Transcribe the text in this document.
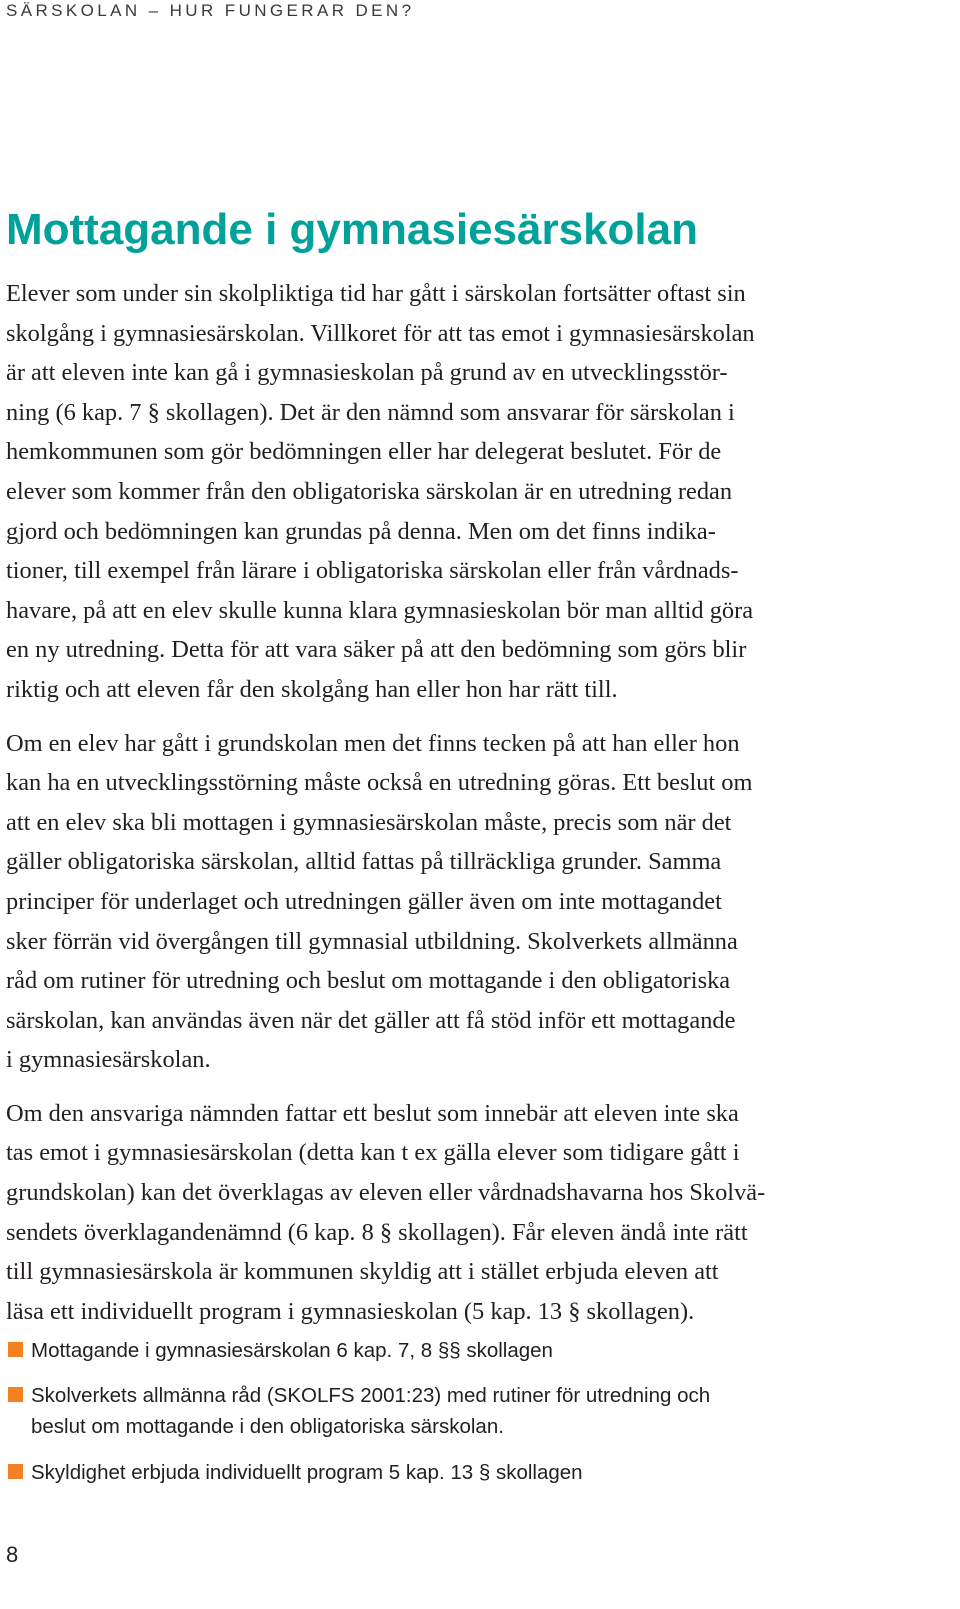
SÄRSKOLAN – HUR FUNGERAR DEN?
Mottagande i gymnasiesärskolan

Elever som under sin skolpliktiga tid har gått i särskolan fortsätter oftast sin
skolgång i gymnasiesärskolan. Villkoret för att tas emot i gymnasiesärskolan
är att eleven inte kan gå i gymnasieskolan på grund av en utvecklingsstör-
ning (6 kap. 7 § skollagen). Det är den nämnd som ansvarar för särskolan i
hemkommunen som gör bedömningen eller har delegerat beslutet. För de
elever som kommer från den obligatoriska särskolan är en utredning redan
gjord och bedömningen kan grundas på denna. Men om det finns indika-
tioner, till exempel från lärare i obligatoriska särskolan eller från vårdnads-
havare, på att en elev skulle kunna klara gymnasieskolan bör man alltid göra
en ny utredning. Detta för att vara säker på att den bedömning som görs blir
riktig och att eleven får den skolgång han eller hon har rätt till.

Om en elev har gått i grundskolan men det finns tecken på att han eller hon
kan ha en utvecklingsstörning måste också en utredning göras. Ett beslut om
att en elev ska bli mottagen i gymnasiesärskolan måste, precis som när det
gäller obligatoriska särskolan, alltid fattas på tillräckliga grunder. Samma
principer för underlaget och utredningen gäller även om inte mottagandet
sker förrän vid övergången till gymnasial utbildning. Skolverkets allmänna
råd om rutiner för utredning och beslut om mottagande i den obligatoriska
särskolan, kan användas även när det gäller att få stöd inför ett mottagande
i gymnasiesärskolan.

Om den ansvariga nämnden fattar ett beslut som innebär att eleven inte ska
tas emot i gymnasiesärskolan (detta kan t ex gälla elever som tidigare gått i
grundskolan) kan det överklagas av eleven eller vårdnadshavarna hos Skolvä-
sendets överklagandenämnd (6 kap. 8 § skollagen). Får eleven ändå inte rätt
till gymnasiesärskola är kommunen skyldig att i stället erbjuda eleven att
läsa ett individuellt program i gymnasieskolan (5 kap. 13 § skollagen).

Mottagande i gymnasiesärskolan 6 kap. 7, 8 §§ skollagen
Skolverkets allmänna råd (SKOLFS 2001:23) med rutiner för utredning och
beslut om mottagande i den obligatoriska särskolan.
Skyldighet erbjuda individuellt program 5 kap. 13 § skollagen
8
